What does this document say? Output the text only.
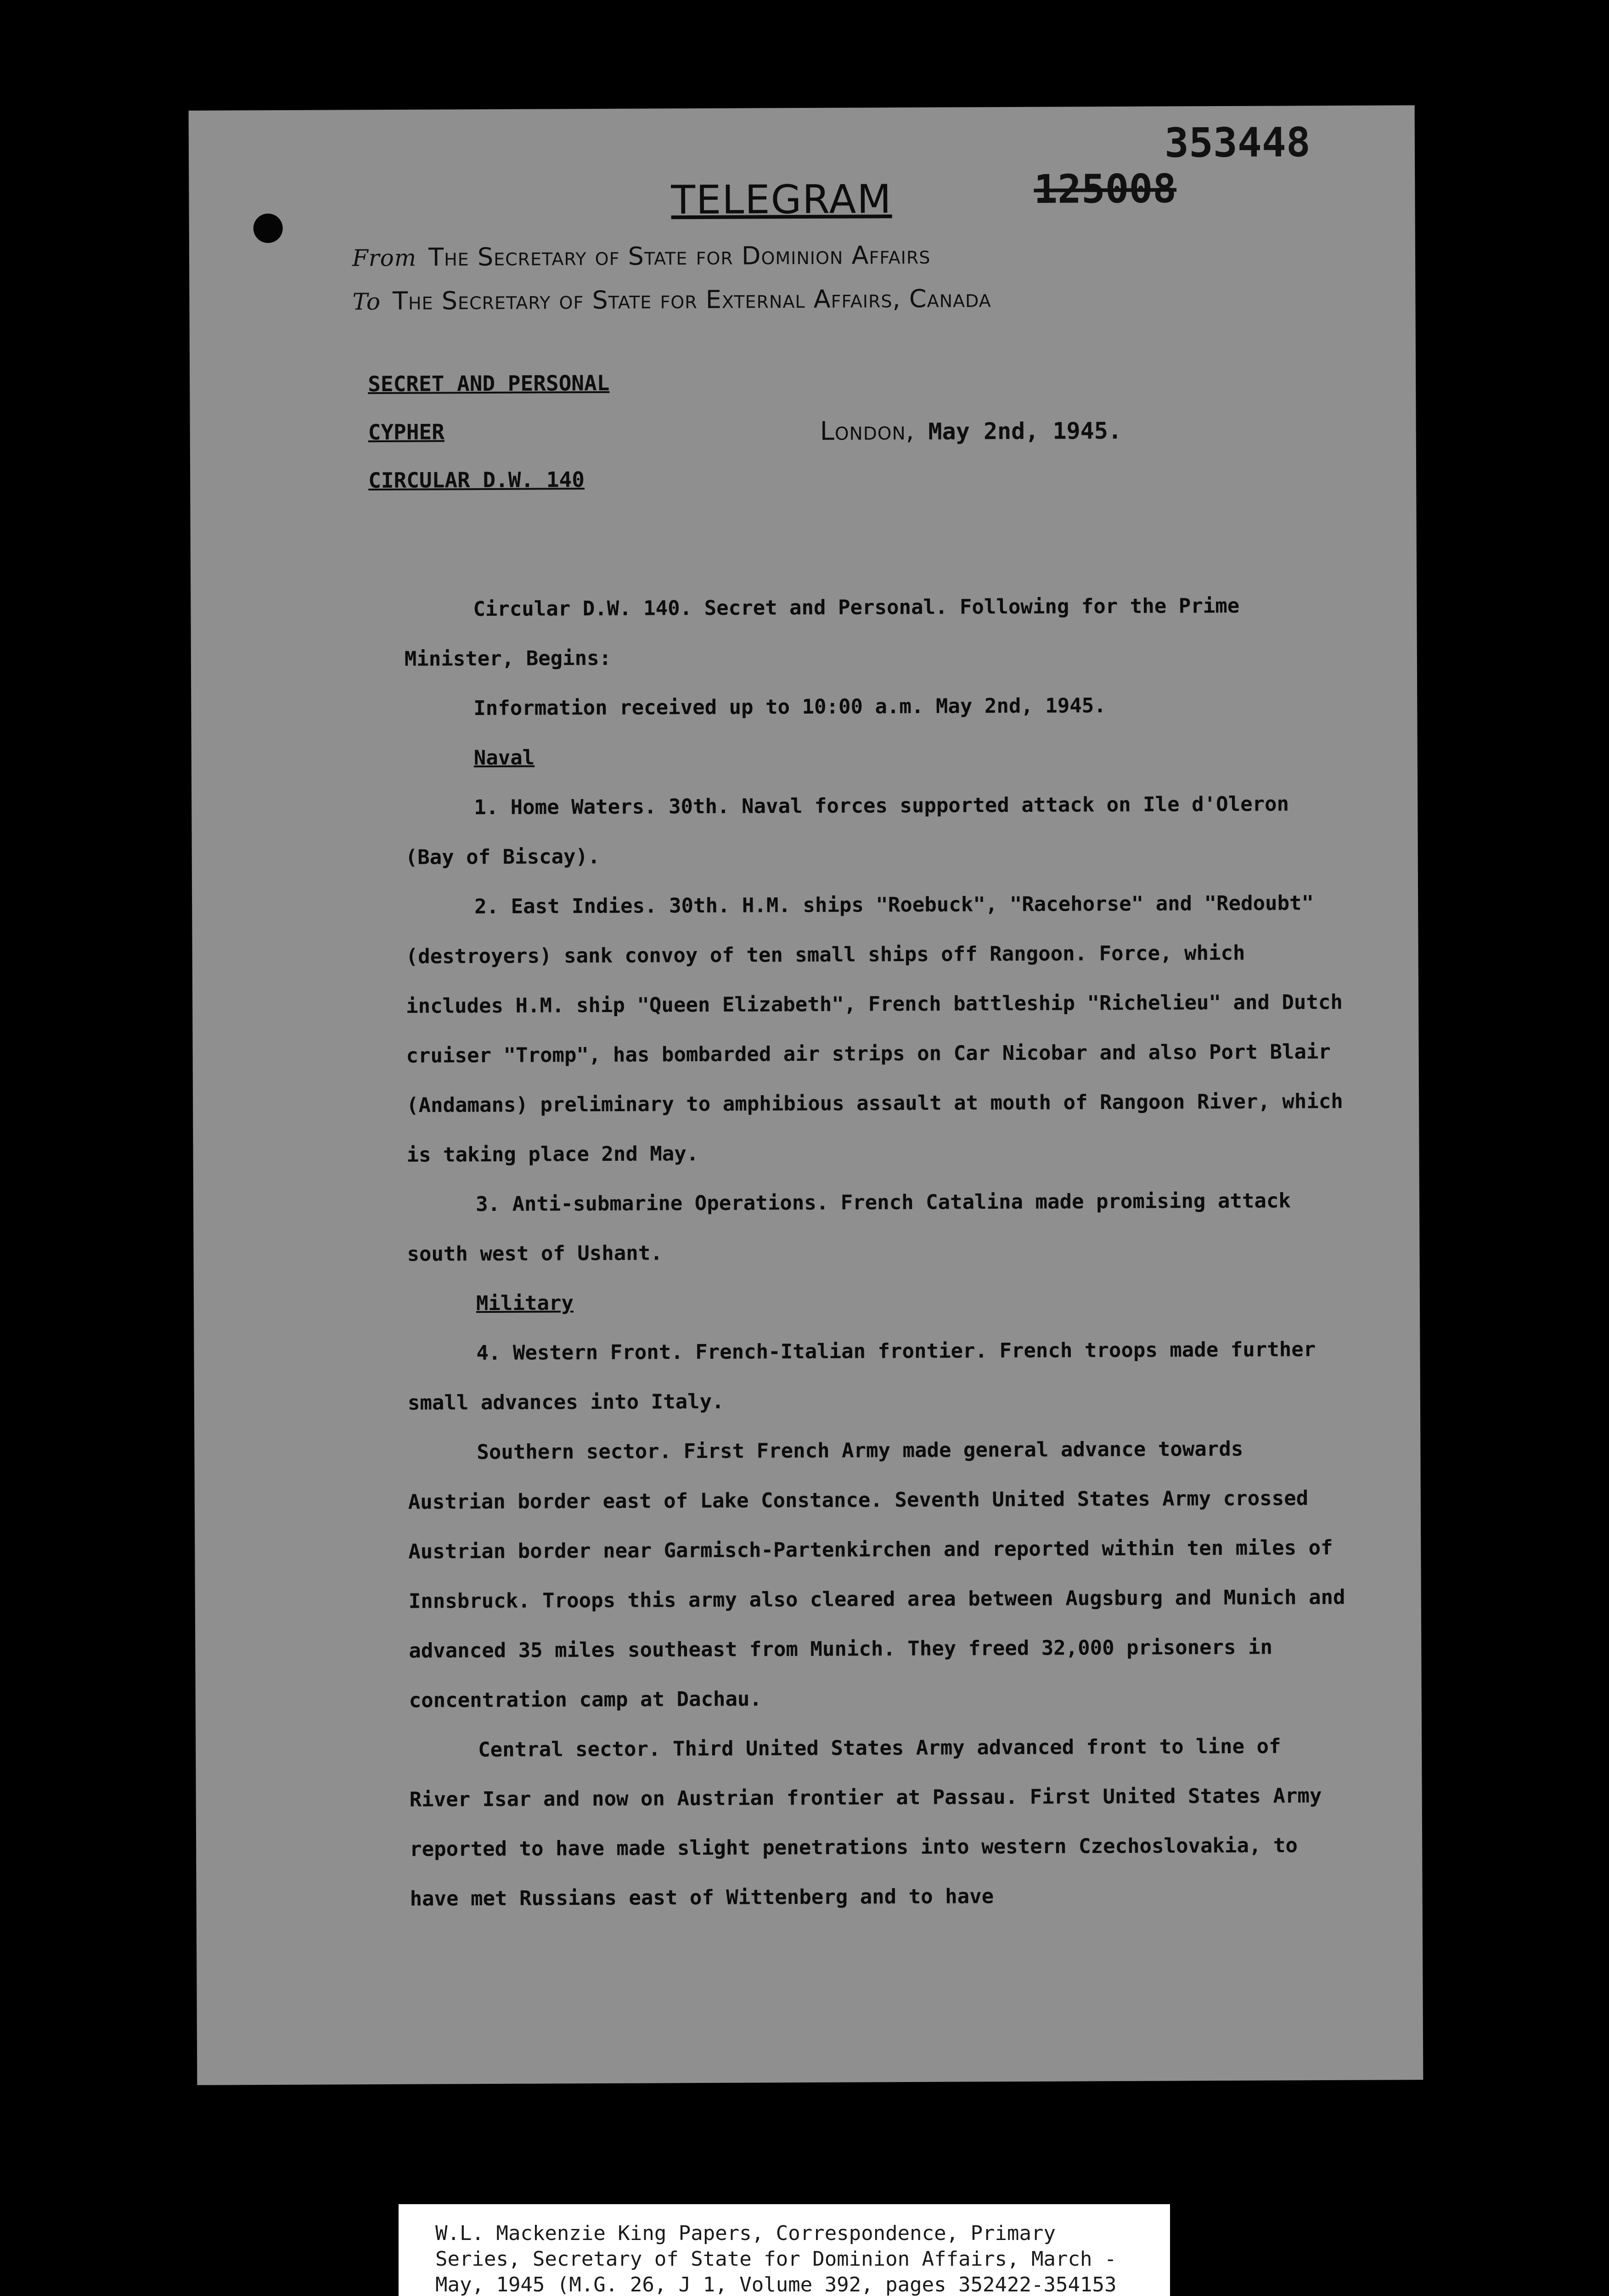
353448
125008
TELEGRAM
From The Secretary of State for Dominion Affairs
To The Secretary of State for External Affairs, Canada
SECRET AND PERSONAL
CYPHER
CIRCULAR D.W. 140
London, May 2nd, 1945.

Circular D.W. 140. Secret and Personal. Following for the Prime Minister, Begins:

Information received up to 10:00 a.m. May 2nd, 1945.

Naval

1. Home Waters. 30th. Naval forces supported attack on Ile d'Oleron (Bay of Biscay).

2. East Indies. 30th. H.M. ships "Roebuck", "Racehorse" and "Redoubt" (destroyers) sank convoy of ten small ships off Rangoon. Force, which includes H.M. ship "Queen Elizabeth", French battleship "Richelieu" and Dutch cruiser "Tromp", has bombarded air strips on Car Nicobar and also Port Blair (Andamans) preliminary to amphibious assault at mouth of Rangoon River, which is taking place 2nd May.

3. Anti-submarine Operations. French Catalina made promising attack south west of Ushant.

Military

4. Western Front. French-Italian frontier. French troops made further small advances into Italy.

Southern sector. First French Army made general advance towards Austrian border east of Lake Constance. Seventh United States Army crossed Austrian border near Garmisch-Partenkirchen and reported within ten miles of Innsbruck. Troops this army also cleared area between Augsburg and Munich and advanced 35 miles southeast from Munich. They freed 32,000 prisoners in concentration camp at Dachau.

Central sector. Third United States Army advanced front to line of River Isar and now on Austrian frontier at Passau. First United States Army reported to have made slight penetrations into western Czechoslovakia, to have met Russians east of Wittenberg and to have

W.L. Mackenzie King Papers, Correspondence, Primary
Series, Secretary of State for Dominion Affairs, March -
May, 1945 (M.G. 26, J 1, Volume 392, pages 352422-354153
